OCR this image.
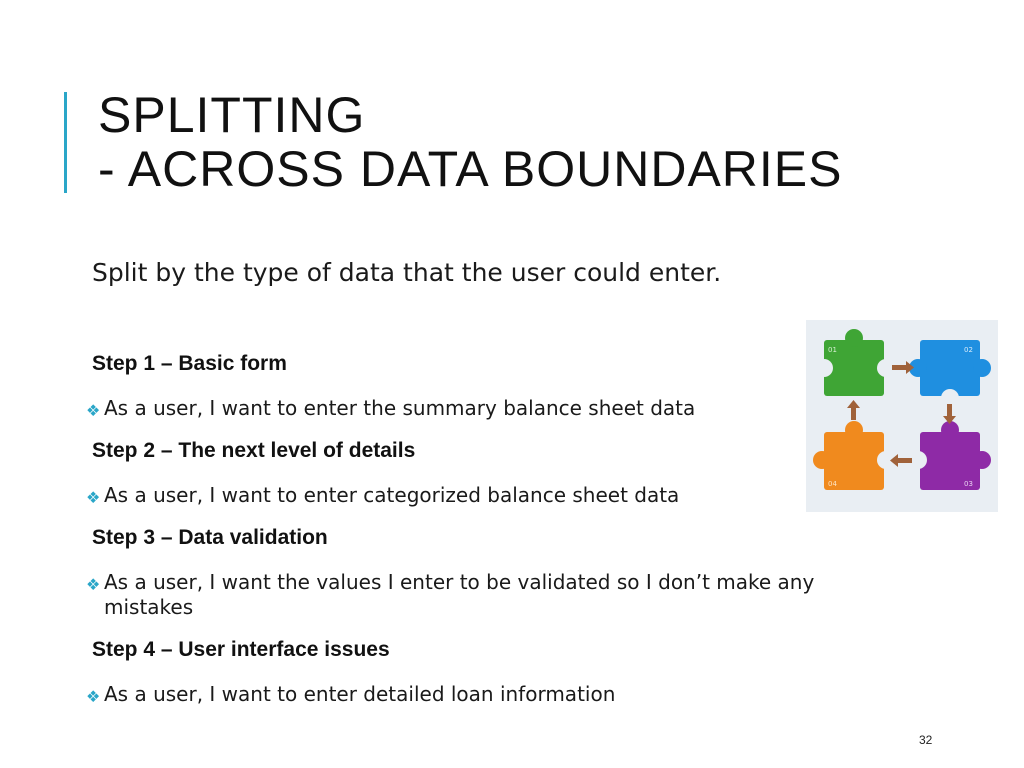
SPLITTING
- ACROSS DATA BOUNDARIES

Split by the type of data that the user could enter.

Step 1 – Basic form

❖ As a user, I want to enter the summary balance sheet data

Step 2 – The next level of details

❖ As a user, I want to enter categorized balance sheet data

Step 3 – Data validation

❖ As a user, I want the values I enter to be validated so I don’t make any mistakes

Step 4 – User interface issues

❖ As a user, I want to enter detailed loan information

01	02
04	03
32
